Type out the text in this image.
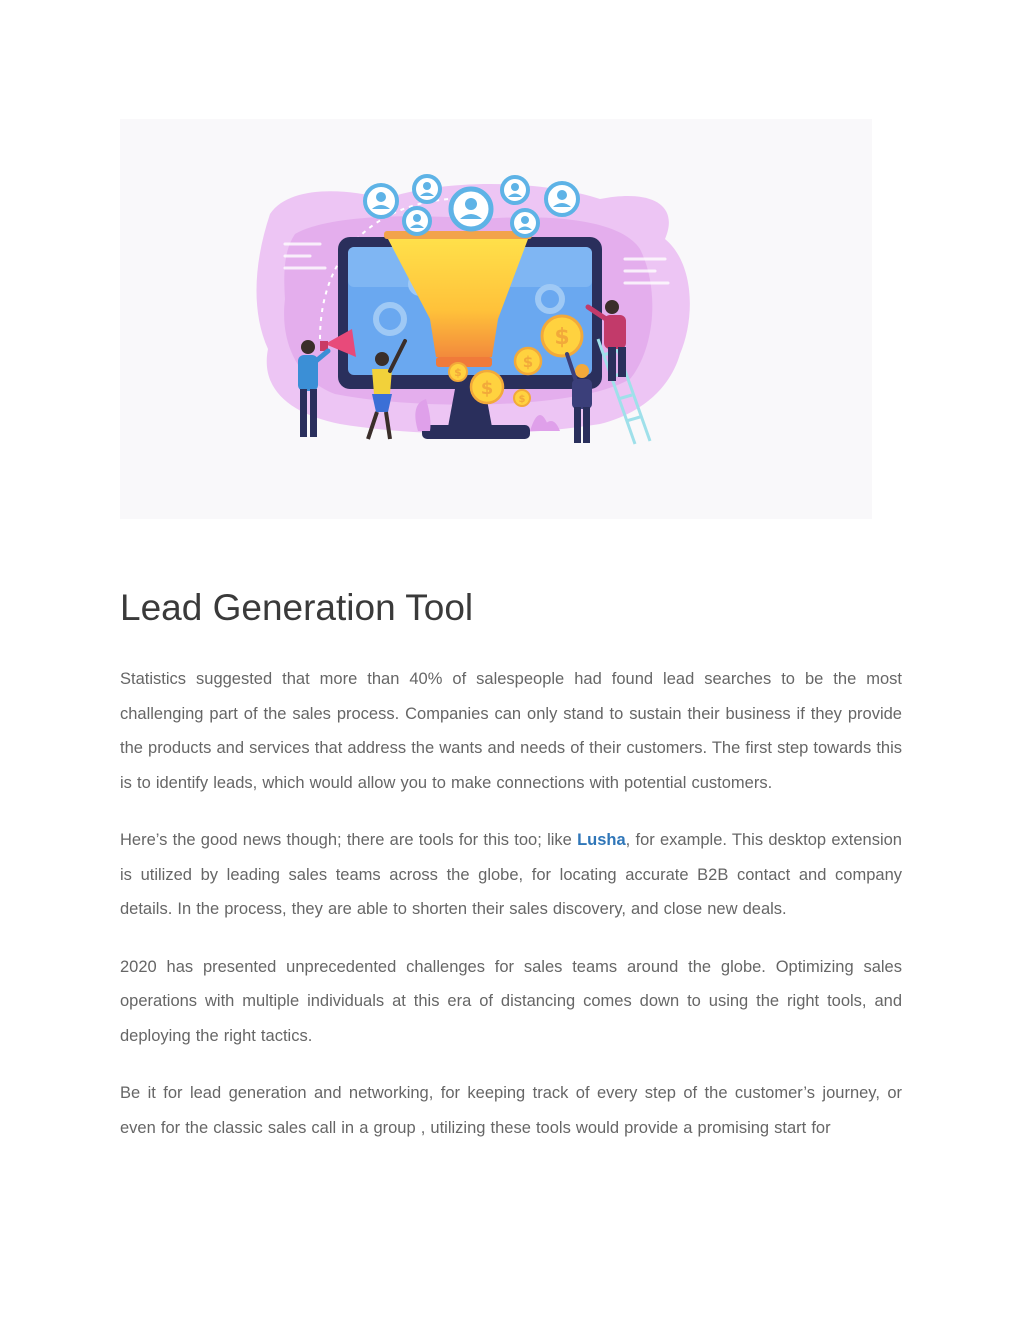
$
$
$
$
$
Lead Generation Tool

Statistics suggested that more than 40% of salespeople had found lead searches to be the most challenging part of the sales process. Companies can only stand to sustain their business if they provide the products and services that address the wants and needs of their customers. The first step towards this is to identify leads, which would allow you to make connections with potential customers.

Here’s the good news though; there are tools for this too; like Lusha, for example. This desktop extension is utilized by leading sales teams across the globe, for locating accurate B2B contact and company details. In the process, they are able to shorten their sales discovery, and close new deals.

2020 has presented unprecedented challenges for sales teams around the globe. Optimizing sales operations with multiple individuals at this era of distancing comes down to using the right tools, and deploying the right tactics.

Be it for lead generation and networking, for keeping track of every step of the customer’s journey, or even for the classic sales call in a group , utilizing these tools would provide a promising start for
